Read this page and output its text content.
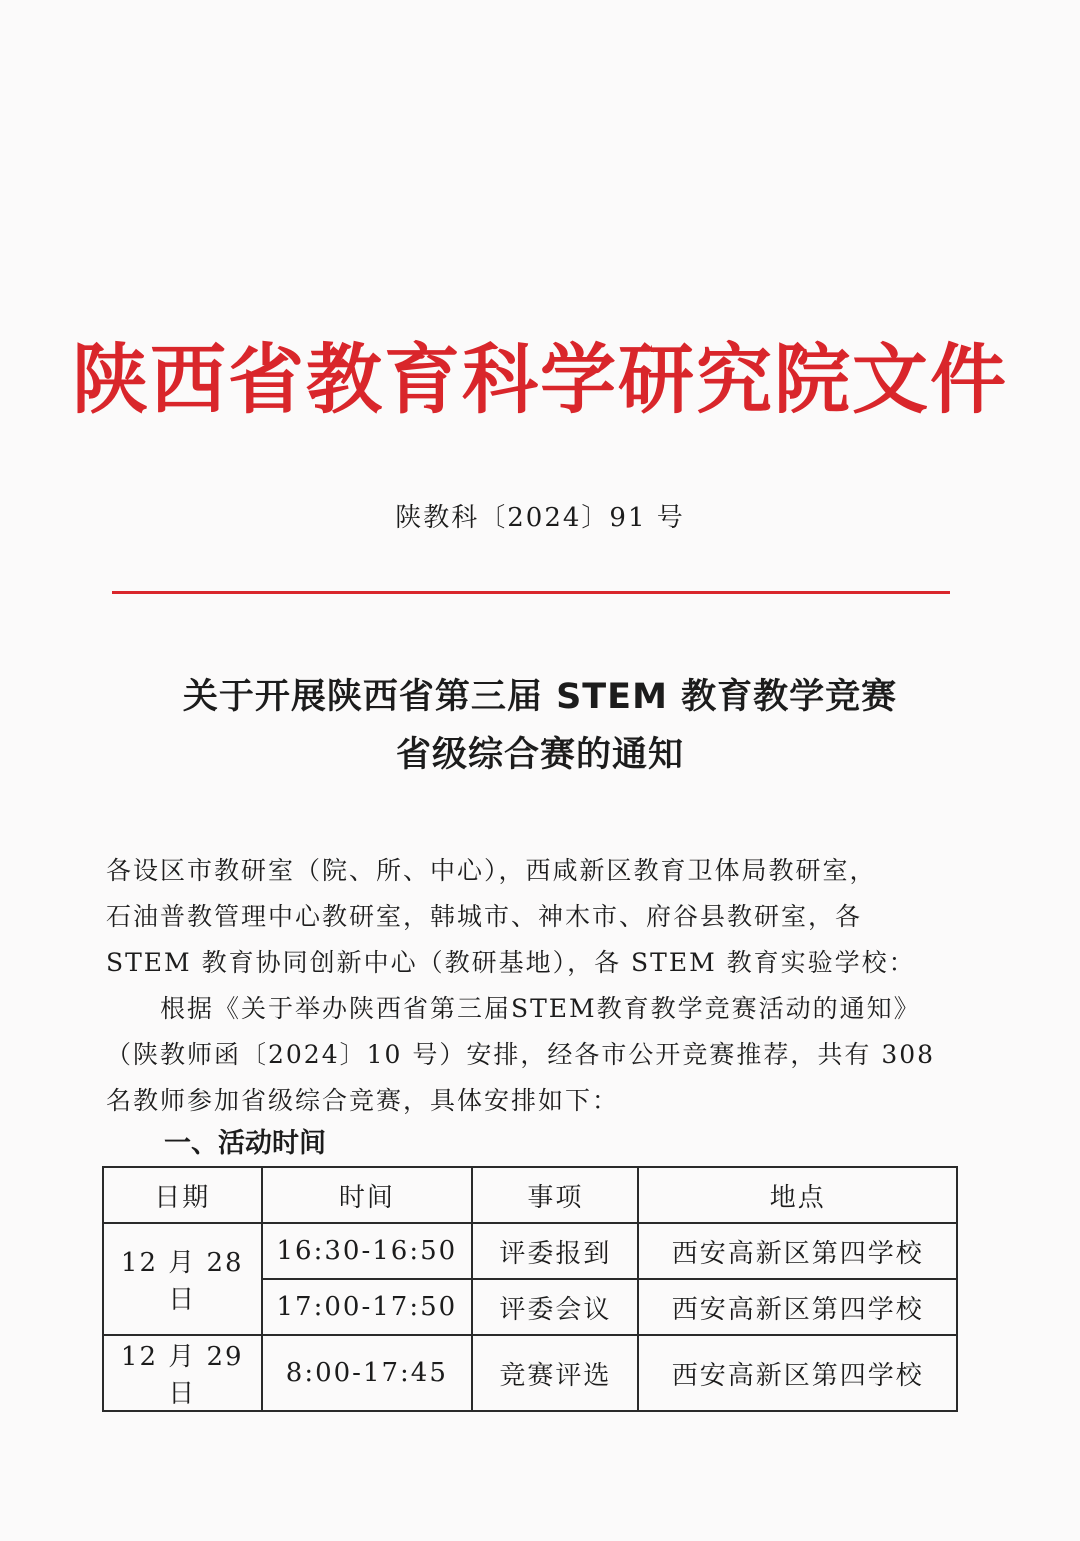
陕西省教育科学研究院文件
陕教科〔2024〕91 号
关于开展陕西省第三届 STEM 教育教学竞赛
省级综合赛的通知

各设区市教研室（院、所、中心），西咸新区教育卫体局教研室，

石油普教管理中心教研室，韩城市、神木市、府谷县教研室，各

STEM 教育协同创新中心（教研基地），各 STEM 教育实验学校：

根据《关于举办陕西省第三届STEM教育教学竞赛活动的通知》

（陕教师函〔2024〕10 号）安排，经各市公开竞赛推荐，共有 308

名教师参加省级综合竞赛，具体安排如下：

一、活动时间
日期	时间	事项	地点
12 月 28 日	16:30-16:50	评委报到	西安高新区第四学校
	17:00-17:50	评委会议	西安高新区第四学校
12 月 29 日	8:00-17:45	竞赛评选	西安高新区第四学校
